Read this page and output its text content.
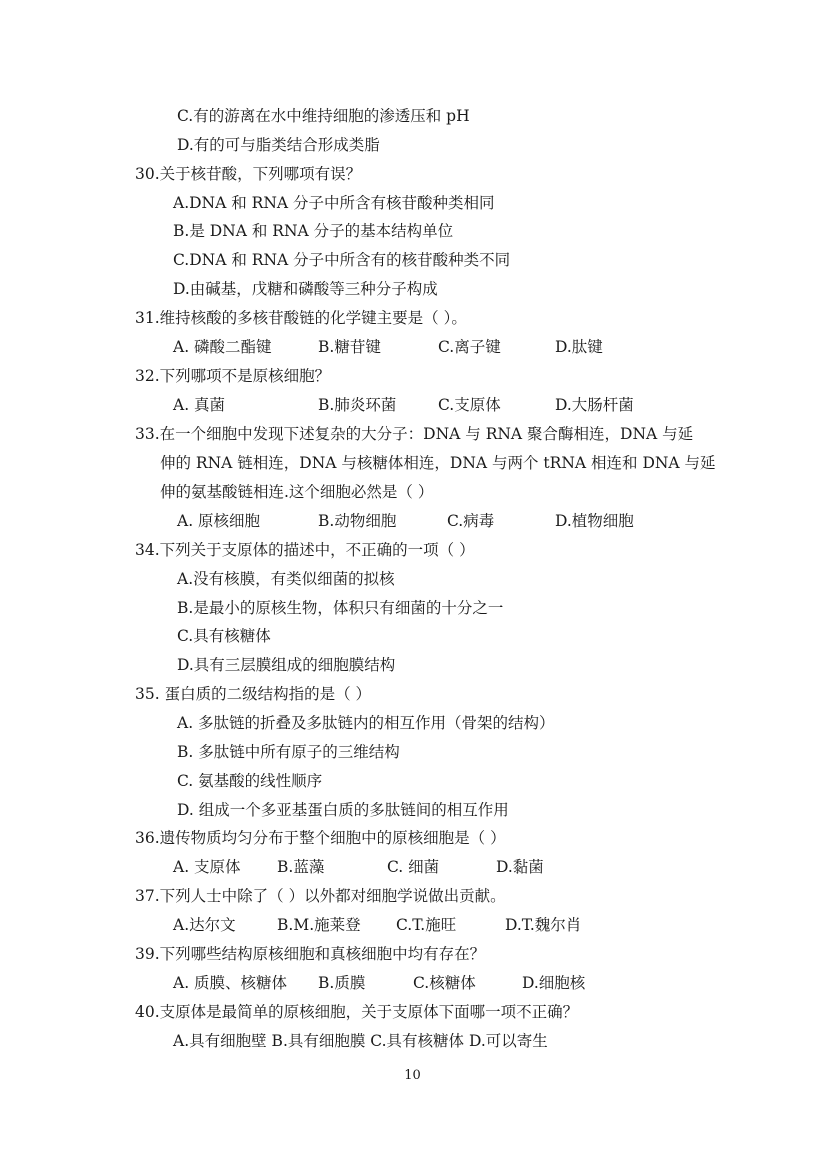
C.有的游离在水中维持细胞的渗透压和 pH
D.有的可与脂类结合形成类脂
30.关于核苷酸，下列哪项有误？
A.DNA 和 RNA 分子中所含有核苷酸种类相同
B.是 DNA 和 RNA 分子的基本结构单位
C.DNA 和 RNA 分子中所含有的核苷酸种类不同
D.由碱基，戊糖和磷酸等三种分子构成
31.维持核酸的多核苷酸链的化学键主要是（ ）。
A. 磷酸二酯键	B.糖苷键	C.离子键	D.肽键
32.下列哪项不是原核细胞？
A. 真菌	B.肺炎环菌	C.支原体	D.大肠杆菌
33.在一个细胞中发现下述复杂的大分子：DNA 与 RNA 聚合酶相连，DNA 与延
伸的 RNA 链相连，DNA 与核糖体相连，DNA 与两个 tRNA 相连和 DNA 与延
伸的氨基酸链相连.这个细胞必然是（ ）
A. 原核细胞	B.动物细胞	C.病毒	D.植物细胞
34.下列关于支原体的描述中，不正确的一项（ ）
A.没有核膜，有类似细菌的拟核
B.是最小的原核生物，体积只有细菌的十分之一
C.具有核糖体
D.具有三层膜组成的细胞膜结构
35. 蛋白质的二级结构指的是（ ）
A. 多肽链的折叠及多肽链内的相互作用（骨架的结构）
B. 多肽链中所有原子的三维结构
C. 氨基酸的线性顺序
D. 组成一个多亚基蛋白质的多肽链间的相互作用
36.遗传物质均匀分布于整个细胞中的原核细胞是（ ）
A. 支原体 B.蓝藻	C. 细菌	D.黏菌
37.下列人士中除了（ ）以外都对细胞学说做出贡献。
A.达尔文	B.M.施莱登 C.T.施旺	D.T.魏尔肖
39.下列哪些结构原核细胞和真核细胞中均有存在？
A. 质膜、核糖体 B.质膜	C.核糖体	D.细胞核
40.支原体是最简单的原核细胞，关于支原体下面哪一项不正确？
A.具有细胞壁 B.具有细胞膜 C.具有核糖体 D.可以寄生
10
